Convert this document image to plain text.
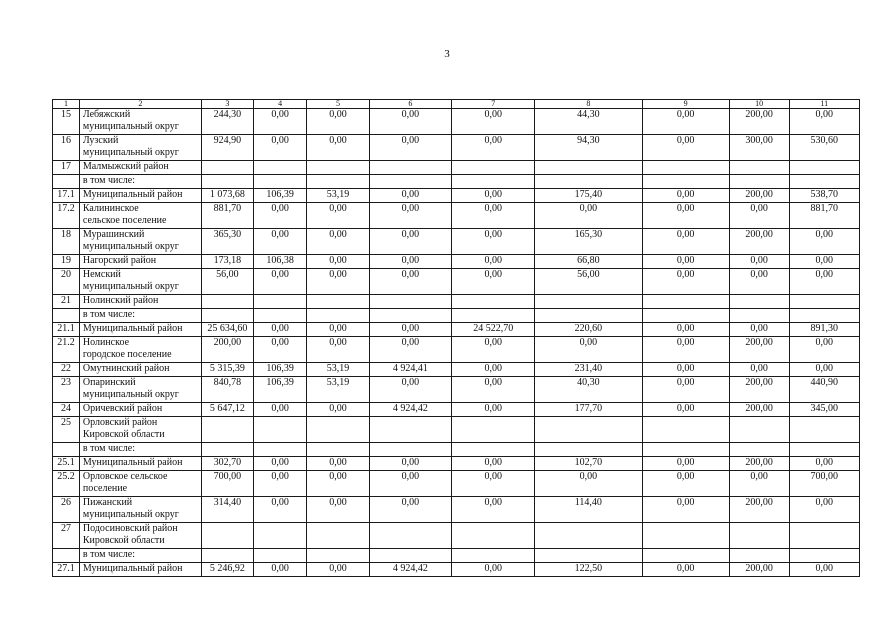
3
1	2	3	4	5	6	7	8	9	10	11
15	Лебяжский
муниципальный округ	244,30	0,00	0,00	0,00	0,00	44,30	0,00	200,00	0,00
16	Лузский
муниципальный округ	924,90	0,00	0,00	0,00	0,00	94,30	0,00	300,00	530,60
17	Малмыжский район									

	в том числе:									

17.1	Муниципальный район	1 073,68	106,39	53,19	0,00	0,00	175,40	0,00	200,00	538,70
17.2	Калининское
сельское поселение	881,70	0,00	0,00	0,00	0,00	0,00	0,00	0,00	881,70
18	Мурашинский
муниципальный округ	365,30	0,00	0,00	0,00	0,00	165,30	0,00	200,00	0,00
19	Нагорский район	173,18	106,38	0,00	0,00	0,00	66,80	0,00	0,00	0,00
20	Немский
муниципальный округ	56,00	0,00	0,00	0,00	0,00	56,00	0,00	0,00	0,00
21	Нолинский район									

	в том числе:									

21.1	Муниципальный район	25 634,60	0,00	0,00	0,00	24 522,70	220,60	0,00	0,00	891,30
21.2	Нолинское
городское поселение	200,00	0,00	0,00	0,00	0,00	0,00	0,00	200,00	0,00
22	Омутнинский район	5 315,39	106,39	53,19	4 924,41	0,00	231,40	0,00	0,00	0,00
23	Опаринский
муниципальный округ	840,78	106,39	53,19	0,00	0,00	40,30	0,00	200,00	440,90
24	Оричевский район	5 647,12	0,00	0,00	4 924,42	0,00	177,70	0,00	200,00	345,00
25	Орловский район
Кировской области									

	в том числе:									

25.1	Муниципальный район	302,70	0,00	0,00	0,00	0,00	102,70	0,00	200,00	0,00
25.2	Орловское сельское
поселение	700,00	0,00	0,00	0,00	0,00	0,00	0,00	0,00	700,00
26	Пижанский
муниципальный округ	314,40	0,00	0,00	0,00	0,00	114,40	0,00	200,00	0,00
27	Подосиновский район
Кировской области									

	в том числе:									

27.1	Муниципальный район	5 246,92	0,00	0,00	4 924,42	0,00	122,50	0,00	200,00	0,00
